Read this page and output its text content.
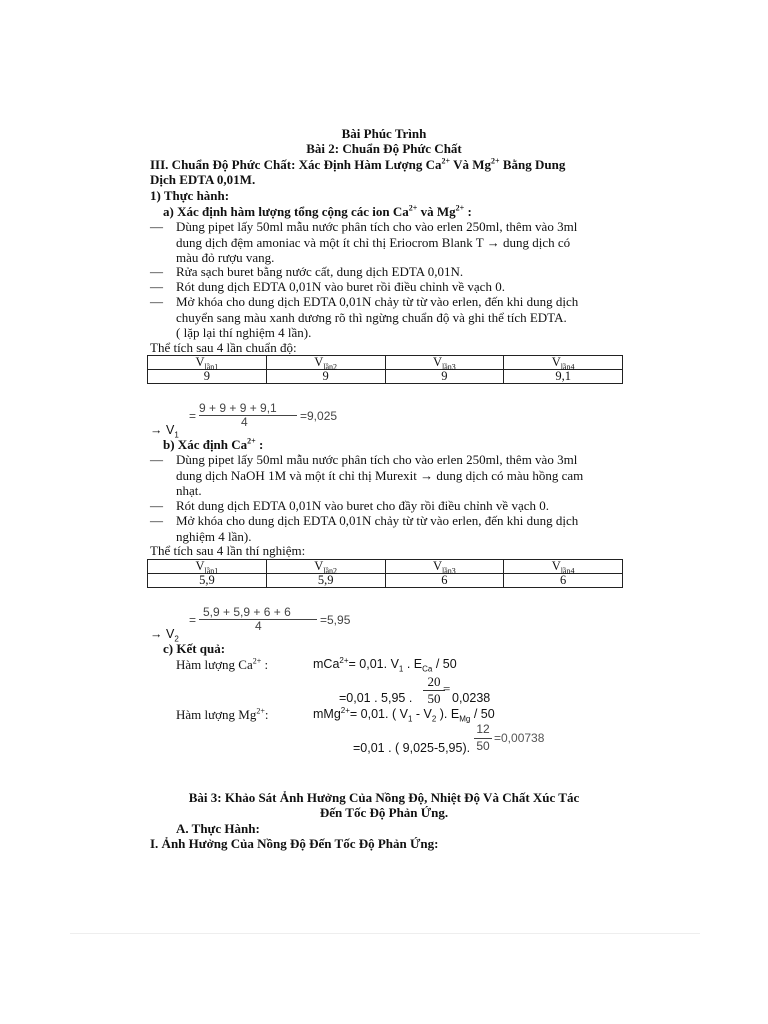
Bài Phúc Trình
Bài 2: Chuẩn Độ Phức Chất
III. Chuẩn Độ Phức Chất: Xác Định Hàm Lượng $Ca^{2+}$ Và $Mg^{2+}$ Bằng Dung
Dịch EDTA 0,01M.
1) Thực hành:
a) Xác định hàm lượng tổng cộng các ion $Ca^{2+}$ và $Mg^{2+}$ :
— Dùng pipet lấy 50ml mẫu nước phân tích cho vào erlen 250ml, thêm vào 3ml
dung dịch đệm amoniac và một ít chỉ thị Eriocrom Blank T → dung dịch có
màu đỏ rượu vang.
— Rửa sạch buret bằng nước cất, dung dịch EDTA 0,01N.
— Rót dung dịch EDTA 0,01N vào buret rồi điều chỉnh về vạch 0.
— Mở khóa cho dung dịch EDTA 0,01N chảy từ từ vào erlen, đến khi dung dịch
chuyển sang màu xanh dương rõ thì ngừng chuẩn độ và ghi thể tích EDTA.
( lặp lại thí nghiệm 4 lần).
Thể tích sau 4 lần chuẩn độ:
$V_{lần1}$	$V_{lần2}$	$V_{lần3}$	$V_{lần4}$
9	9	9	9,1
9 + 9 + 9 + 9,1
=	4	=9,025
→ $V_1$
b) Xác định $Ca^{2+}$ :
— Dùng pipet lấy 50ml mẫu nước phân tích cho vào erlen 250ml, thêm vào 3ml
dung dịch NaOH 1M và một ít chỉ thị Murexit → dung dịch có màu hồng cam
nhạt.
— Rót dung dịch EDTA 0,01N vào buret cho đầy rồi điều chỉnh về vạch 0.
— Mở khóa cho dung dịch EDTA 0,01N chảy từ từ vào erlen, đến khi dung dịch
nghiệm 4 lần).
Thể tích sau 4 lần thí nghiệm:
$V_{lần1}$	$V_{lần2}$	$V_{lần3}$	$V_{lần4}$
5,9	5,9	6	6
5,9 + 5,9 + 6 + 6
=	4	=5,95
→ $V_2$
c) Kết quả:
Hàm lượng $Ca^{2+}$ :	mCa$^{2+}$= 0,01. $V_1$ . $E_{Ca} / 50$
20
50
=
=0,01 . 5,95 .	0,0238
Hàm lượng $Mg^{2+}$:	mMg$^{2+}$= 0,01. ( $V_1 - V_2$ ). $E_{Mg} / 50$
12
50
=0,00738
=0,01 . ( 9,025-5,95).
Bài 3: Khảo Sát Ảnh Hưởng Của Nồng Độ, Nhiệt Độ Và Chất Xúc Tác
Đến Tốc Độ Phản Ứng.
A. Thực Hành:
I. Ảnh Hưởng Của Nồng Độ Đến Tốc Độ Phản Ứng:
